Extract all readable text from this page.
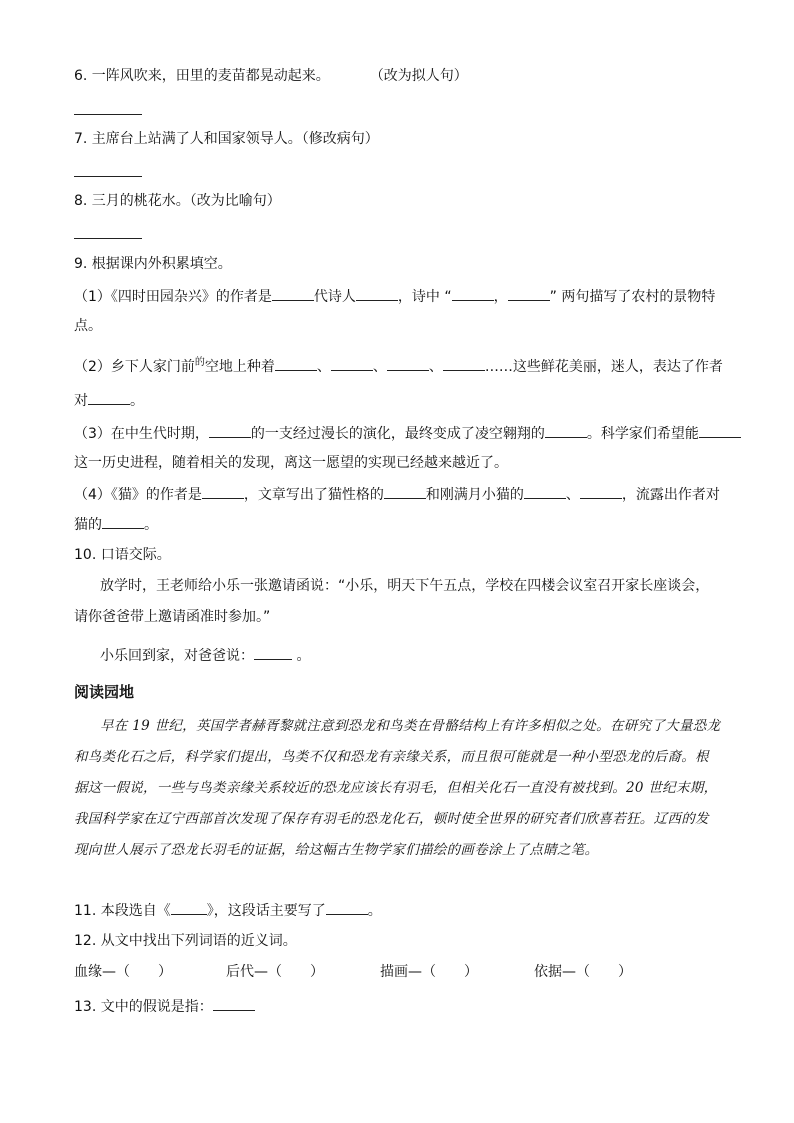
6. 一阵风吹来，田里的麦苗都晃动起来。	（改为拟人句）
7. 主席台上站满了人和国家领导人。（修改病句）
8. 三月的桃花水。（改为比喻句）
9. 根据课内外积累填空。
（1）《四时田园杂兴》的作者是	代诗人	，诗中 “	，	” 两句描写了农村的景物特
点。
（2）乡下人家门前$^的$空地上种着	、	、	、	……这些鲜花美丽，迷人，表达了作者
对	。
（3）在中生代时期，	的一支经过漫长的演化，最终变成了凌空翱翔的	。科学家们希望能
这一历史进程，随着相关的发现，离这一愿望的实现已经越来越近了。
（4）《猫》的作者是	，文章写出了猫性格的	和刚满月小猫的	、	，流露出作者对
猫的	。
10. 口语交际。
放学时，王老师给小乐一张邀请函说：“小乐，明天下午五点，学校在四楼会议室召开家长座谈会，
请你爸爸带上邀请函准时参加。”
小乐回到家，对爸爸说：	。
阅读园地
早在 19 世纪，英国学者赫胥黎就注意到恐龙和鸟类在骨骼结构上有许多相似之处。在研究了大量恐龙
和鸟类化石之后，科学家们提出，鸟类不仅和恐龙有亲缘关系，而且很可能就是一种小型恐龙的后裔。根
据这一假说，一些与鸟类亲缘关系较近的恐龙应该长有羽毛，但相关化石一直没有被找到。20 世纪末期，
我国科学家在辽宁西部首次发现了保存有羽毛的恐龙化石，顿时使全世界的研究者们欣喜若狂。辽西的发
现向世人展示了恐龙长羽毛的证据，给这幅古生物学家们描绘的画卷涂上了点睛之笔。
11. 本段选自《	》，这段话主要写了	。
12. 从文中找出下列词语的近义词。
血缘—（　　）	后代—（　　）	描画—（　　）	依据—（　　）
13. 文中的假说是指：
